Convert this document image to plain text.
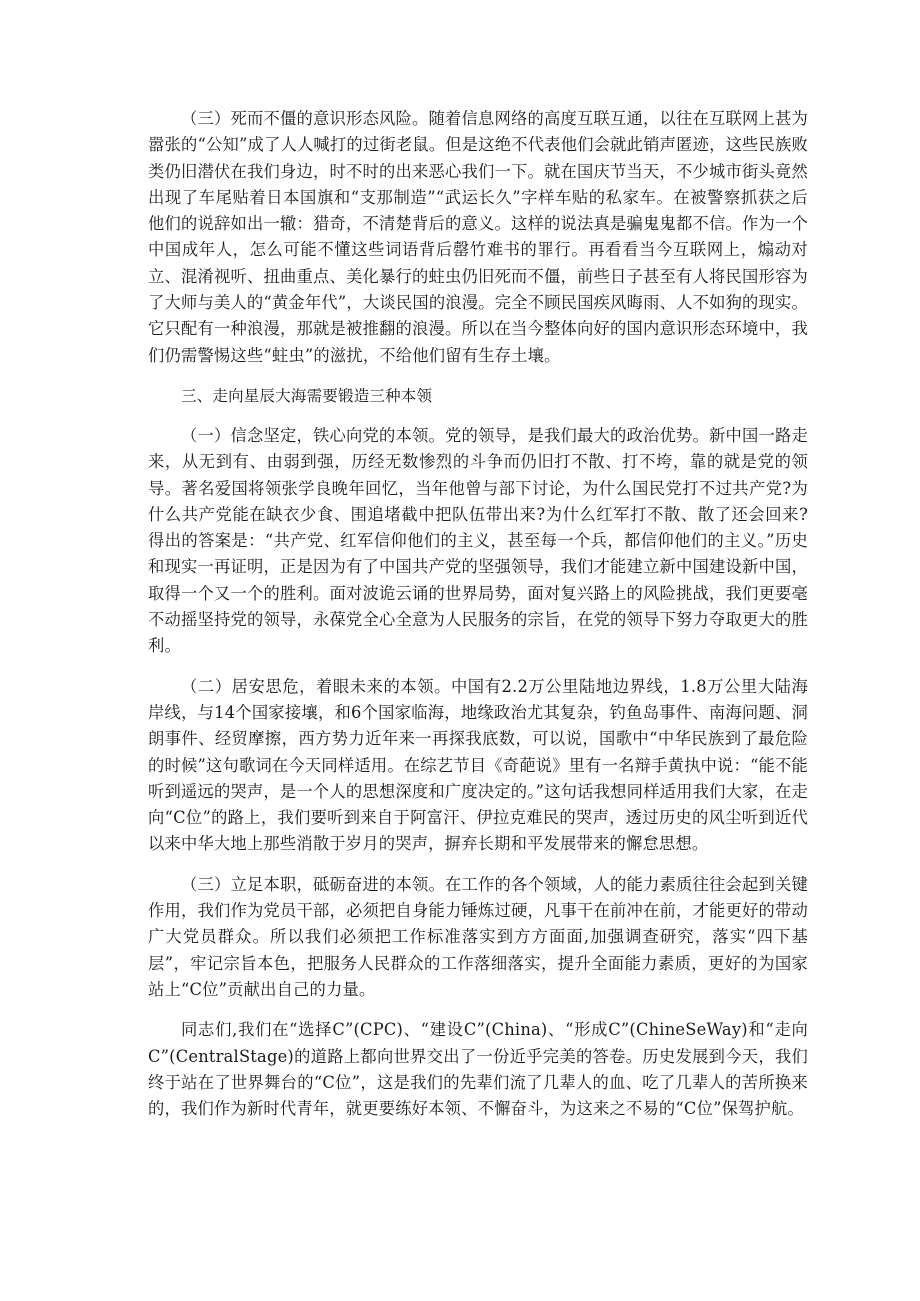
（三）死而不僵的意识形态风险。随着信息网络的高度互联互通，以往在互联网上甚为嚣张的“公知”成了人人喊打的过街老鼠。但是这绝不代表他们会就此销声匿迹，这些民族败类仍旧潜伏在我们身边，时不时的出来恶心我们一下。就在国庆节当天，不少城市街头竟然出现了车尾贴着日本国旗和“支那制造”“武运长久”字样车贴的私家车。在被警察抓获之后他们的说辞如出一辙：猎奇，不清楚背后的意义。这样的说法真是骗鬼鬼都不信。作为一个中国成年人，怎么可能不懂这些词语背后罄竹难书的罪行。再看看当今互联网上，煽动对立、混淆视听、扭曲重点、美化暴行的蛀虫仍旧死而不僵，前些日子甚至有人将民国形容为了大师与美人的“黄金年代”，大谈民国的浪漫。完全不顾民国疾风晦雨、人不如狗的现实。它只配有一种浪漫，那就是被推翻的浪漫。所以在当今整体向好的国内意识形态环境中，我们仍需警惕这些“蛀虫”的滋扰，不给他们留有生存土壤。

三、走向星辰大海需要锻造三种本领

（一）信念坚定，铁心向党的本领。党的领导，是我们最大的政治优势。新中国一路走来，从无到有、由弱到强，历经无数惨烈的斗争而仍旧打不散、打不垮，靠的就是党的领导。著名爱国将领张学良晚年回忆，当年他曾与部下讨论，为什么国民党打不过共产党?为什么共产党能在缺衣少食、围追堵截中把队伍带出来?为什么红军打不散、散了还会回来?得出的答案是：“共产党、红军信仰他们的主义，甚至每一个兵，都信仰他们的主义。”历史和现实一再证明，正是因为有了中国共产党的坚强领导，我们才能建立新中国建设新中国，取得一个又一个的胜利。面对波诡云诵的世界局势，面对复兴路上的风险挑战，我们更要毫不动摇坚持党的领导，永葆党全心全意为人民服务的宗旨，在党的领导下努力夺取更大的胜利。

（二）居安思危，着眼未来的本领。中国有2.2万公里陆地边界线，1.8万公里大陆海岸线，与14个国家接壤，和6个国家临海，地缘政治尤其复杂，钓鱼岛事件、南海问题、洞朗事件、经贸摩擦，西方势力近年来一再探我底数，可以说，国歌中“中华民族到了最危险的时候”这句歌词在今天同样适用。在综艺节目《奇葩说》里有一名辩手黄执中说：“能不能听到遥远的哭声，是一个人的思想深度和广度决定的。”这句话我想同样适用我们大家，在走向“C位”的路上，我们要听到来自于阿富汗、伊拉克难民的哭声，透过历史的风尘听到近代以来中华大地上那些消散于岁月的哭声，摒弃长期和平发展带来的懈怠思想。

（三）立足本职，砥砺奋进的本领。在工作的各个领域，人的能力素质往往会起到关键作用，我们作为党员干部，必须把自身能力锤炼过硬，凡事干在前冲在前，才能更好的带动广大党员群众。所以我们必须把工作标准落实到方方面面,加强调查研究，落实“四下基层”，牢记宗旨本色，把服务人民群众的工作落细落实，提升全面能力素质，更好的为国家站上“C位”贡献出自己的力量。

同志们,我们在“选择C”(CPC)、“建设C”(China)、“形成C”(ChineSeWay)和“走向C”(CentralStage)的道路上都向世界交出了一份近乎完美的答卷。历史发展到今天，我们终于站在了世界舞台的“C位”，这是我们的先辈们流了几辈人的血、吃了几辈人的苦所换来的，我们作为新时代青年，就更要练好本领、不懈奋斗，为这来之不易的“C位”保驾护航。
